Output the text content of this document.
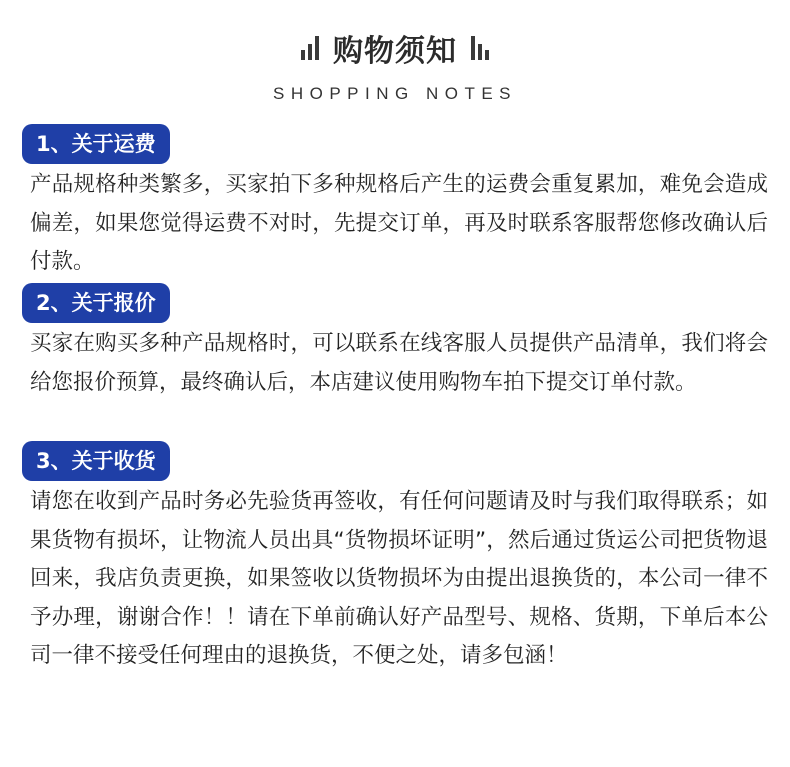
购物须知
SHOPPING NOTES
1、关于运费

产品规格种类繁多，买家拍下多种规格后产生的运费会重复累加，难免会造成偏差，如果您觉得运费不对时，先提交订单，再及时联系客服帮您修改确认后付款。

2、关于报价

买家在购买多种产品规格时，可以联系在线客服人员提供产品清单，我们将会给您报价预算，最终确认后，本店建议使用购物车拍下提交订单付款。

3、关于收货

请您在收到产品时务必先验货再签收，有任何问题请及时与我们取得联系；如果货物有损坏，让物流人员出具“货物损坏证明”，然后通过货运公司把货物退回来，我店负责更换，如果签收以货物损坏为由提出退换货的，本公司一律不予办理，谢谢合作！！请在下单前确认好产品型号、规格、货期，下单后本公司一律不接受任何理由的退换货，不便之处，请多包涵！
